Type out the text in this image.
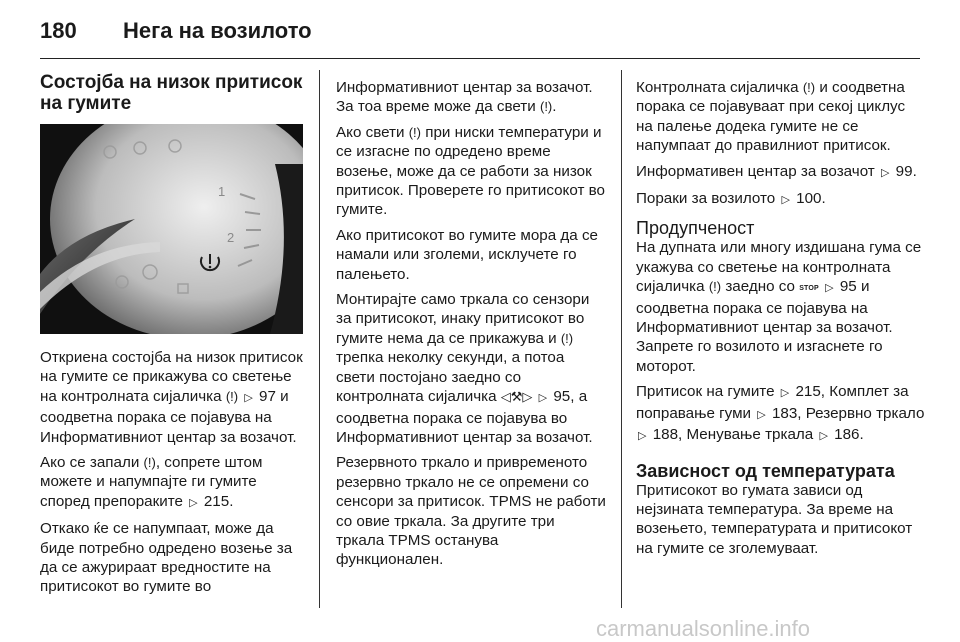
180 Нега на возилото
Состојба на низок притисок на гумите
1
2

Откриена состојба на низок притисок на гумите се прикажува со светење на контролната сијаличка (!) ▷ 97 и соодветна порака се појавува на Информативниот центар за возачот.

Ако се запали (!), сопрете штом можете и напумпајте ги гумите според препораките ▷ 215.

Откако ќе се напумпаат, може да биде потребно одредено возење за да се ажурираат вредностите на притисокот во гумите во

Информативниот центар за возачот. За тоа време може да свети (!).

Ако свети (!) при ниски температури и се изгасне по одредено време возење, може да се работи за низок притисок. Проверете го притисокот во гумите.

Ако притисокот во гумите мора да се намали или зголеми, исклучете го палењето.

Монтирајте само тркала со сензори за притисокот, инаку притисокот во гумите нема да се прикажува и (!) трепка неколку секунди, а потоа свети постојано заедно со контролната сијаличка ◁⚒▷ ▷ 95, а соодветна порака се појавува во Информативниот центар за возачот.

Резервното тркало и привременото резервно тркало не се опремени со сенсори за притисок. TPMS не работи со овие тркала. За другите три тркала TPMS останува функционален.

Контролната сијаличка (!) и соодветна порака се појавуваат при секој циклус на палење додека гумите не се напумпаат до правилниот притисок.

Информативен центар за возачот ▷ 99.

Пораки за возилото ▷ 100.

Продупченост

На дупната или многу издишана гума се укажува со светење на контролната сијаличка (!) заедно со STOP ▷ 95 и соодветна порака се појавува на Информативниот центар за возачот. Запрете го возилото и изгаснете го моторот.

Притисок на гумите ▷ 215, Комплет за поправање гуми ▷ 183, Резервно тркало ▷ 188, Менување тркала ▷ 186.

Зависност од температурата

Притисокот во гумата зависи од нејзината температура. За време на возењето, температурата и притисокот на гумите се зголемуваат.

carmanualsonline.info
